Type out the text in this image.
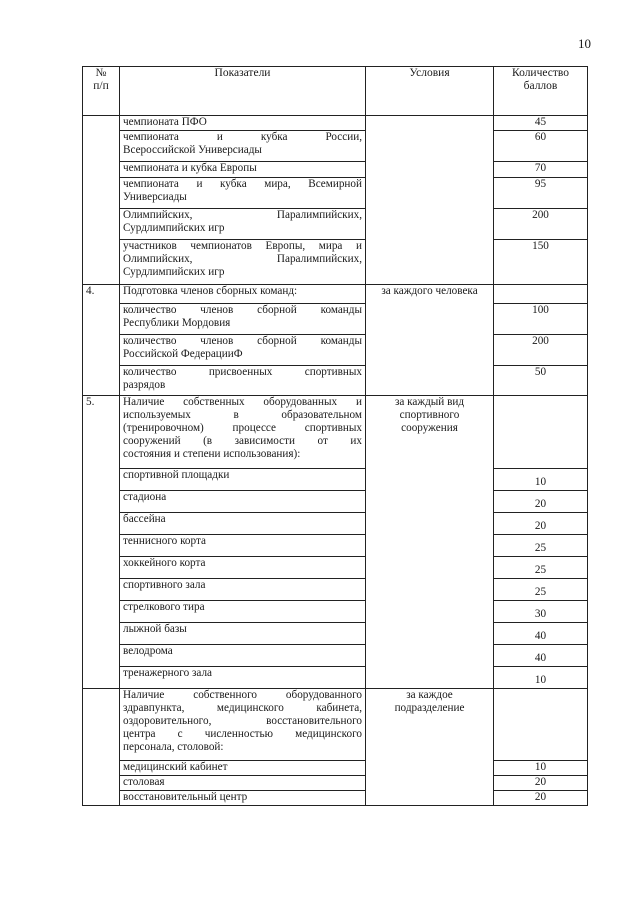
10
№
п/п	Показатели	Условия	Количество
баллов

	чемпионата ПФО		45

	чемпионата и кубка России,
Всероссийской Универсиады		60

	чемпионата и кубка Европы		70

	чемпионата и кубка мира, Всемирной
Универсиады		95

	Олимпийских, Паралимпийских,
Сурдлимпийских игр		200

	участников чемпионатов Европы, мира и
Олимпийских, Паралимпийских,
Сурдлимпийских игр		150
4.	Подготовка членов сборных команд:	за каждого человека	

	количество членов сборной команды
Республики Мордовия		100

	количество членов сборной команды
Российской ФедерацииФ		200

	количество присвоенных спортивных
разрядов		50
5.	Наличие собственных оборудованных и
используемых в образовательном
(тренировочном) процессе спортивных
сооружений (в зависимости от их
состояния и степени использования):	за каждый вид
спортивного
сооружения	

	спортивной площадки		10
	стадиона		20
	бассейна		20
	теннисного корта		25
	хоккейного корта		25
	спортивного зала		25
	стрелкового тира		30
	лыжной базы		40
	велодрома		40
	тренажерного зала		10

	Наличие собственного оборудованного
здравпункта, медицинского кабинета,
оздоровительного, восстановительного
центра с численностью медицинского
персонала, столовой:	за каждое
подразделение	

	медицинский кабинет		10
	столовая		20
	восстановительный центр		20
